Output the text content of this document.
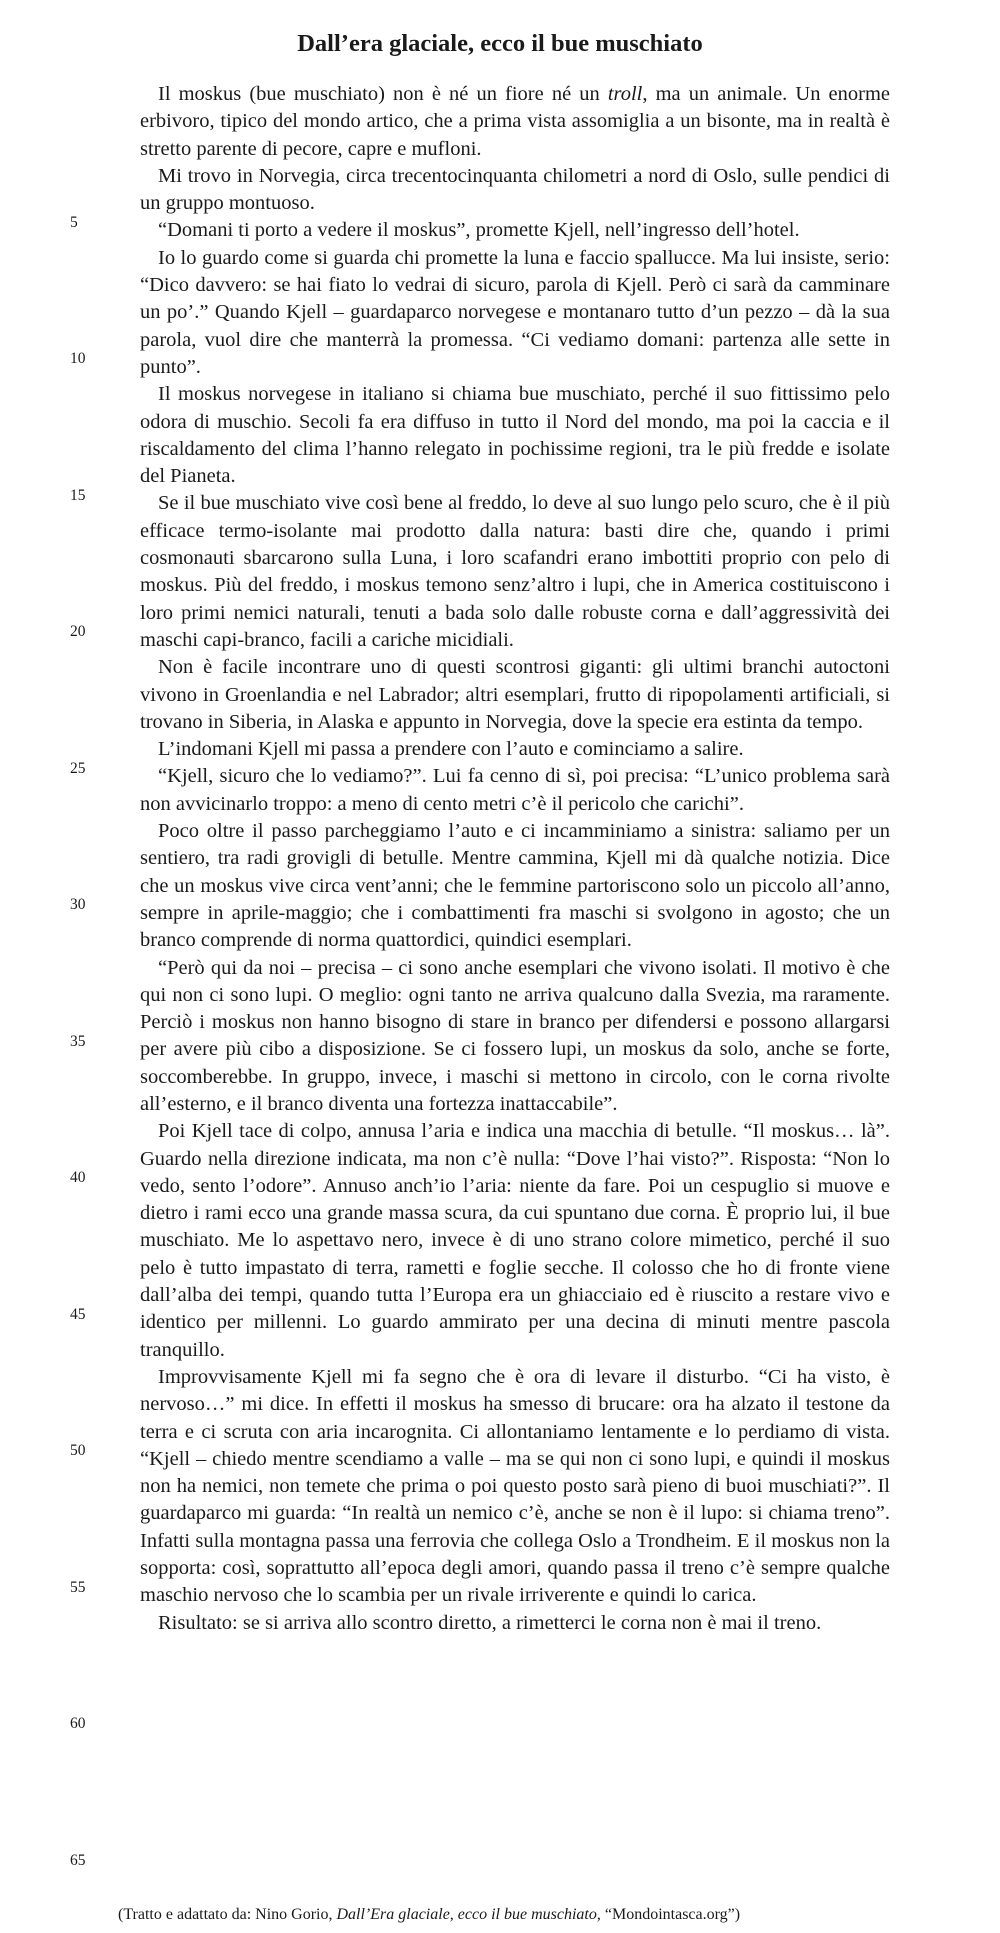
Dall’era glaciale, ecco il bue muschiato
5
10
15
20
25
30
35
40
45
50
55
60
65

Il moskus (bue muschiato) non è né un fiore né un troll, ma un animale. Un enorme erbivoro, tipico del mondo artico, che a prima vista assomiglia a un bisonte, ma in realtà è stretto parente di pecore, capre e mufloni.

Mi trovo in Norvegia, circa trecentocinquanta chilometri a nord di Oslo, sulle pendici di un gruppo montuoso.

“Domani ti porto a vedere il moskus”, promette Kjell, nell’ingresso dell’hotel.

Io lo guardo come si guarda chi promette la luna e faccio spallucce. Ma lui insiste, serio: “Dico davvero: se hai fiato lo vedrai di sicuro, parola di Kjell. Però ci sarà da camminare un po’.” Quando Kjell – guardaparco norvegese e montanaro tutto d’un pezzo – dà la sua parola, vuol dire che manterrà la promessa. “Ci vediamo domani: partenza alle sette in punto”.

Il moskus norvegese in italiano si chiama bue muschiato, perché il suo fittissimo pelo odora di muschio. Secoli fa era diffuso in tutto il Nord del mondo, ma poi la caccia e il riscaldamento del clima l’hanno relegato in pochissime regioni, tra le più fredde e isolate del Pianeta.

Se il bue muschiato vive così bene al freddo, lo deve al suo lungo pelo scuro, che è il più efficace termo-isolante mai prodotto dalla natura: basti dire che, quando i primi cosmonauti sbarcarono sulla Luna, i loro scafandri erano imbottiti proprio con pelo di moskus. Più del freddo, i moskus temono senz’altro i lupi, che in America costituiscono i loro primi nemici naturali, tenuti a bada solo dalle robuste corna e dall’aggressività dei maschi capi-branco, facili a cariche micidiali.

Non è facile incontrare uno di questi scontrosi giganti: gli ultimi branchi autoctoni vivono in Groenlandia e nel Labrador; altri esemplari, frutto di ripopolamenti artificiali, si trovano in Siberia, in Alaska e appunto in Norvegia, dove la specie era estinta da tempo.

L’indomani Kjell mi passa a prendere con l’auto e cominciamo a salire.

“Kjell, sicuro che lo vediamo?”. Lui fa cenno di sì, poi precisa: “L’unico problema sarà non avvicinarlo troppo: a meno di cento metri c’è il pericolo che carichi”.

Poco oltre il passo parcheggiamo l’auto e ci incamminiamo a sinistra: saliamo per un sentiero, tra radi grovigli di betulle. Mentre cammina, Kjell mi dà qualche notizia. Dice che un moskus vive circa vent’anni; che le femmine partoriscono solo un piccolo all’anno, sempre in aprile-maggio; che i combattimenti fra maschi si svolgono in agosto; che un branco comprende di norma quattordici, quindici esemplari.

“Però qui da noi – precisa – ci sono anche esemplari che vivono isolati. Il motivo è che qui non ci sono lupi. O meglio: ogni tanto ne arriva qualcuno dalla Svezia, ma raramente. Perciò i moskus non hanno bisogno di stare in branco per difendersi e possono allargarsi per avere più cibo a disposizione. Se ci fossero lupi, un moskus da solo, anche se forte, soccomberebbe. In gruppo, invece, i maschi si mettono in circolo, con le corna rivolte all’esterno, e il branco diventa una fortezza inattaccabile”.

Poi Kjell tace di colpo, annusa l’aria e indica una macchia di betulle. “Il moskus… là”. Guardo nella direzione indicata, ma non c’è nulla: “Dove l’hai visto?”. Risposta: “Non lo vedo, sento l’odore”. Annuso anch’io l’aria: niente da fare. Poi un cespuglio si muove e dietro i rami ecco una grande massa scura, da cui spuntano due corna. È proprio lui, il bue muschiato. Me lo aspettavo nero, invece è di uno strano colore mimetico, perché il suo pelo è tutto impastato di terra, rametti e foglie secche. Il colosso che ho di fronte viene dall’alba dei tempi, quando tutta l’Europa era un ghiacciaio ed è riuscito a restare vivo e identico per millenni. Lo guardo ammirato per una decina di minuti mentre pascola tranquillo.

Improvvisamente Kjell mi fa segno che è ora di levare il disturbo. “Ci ha visto, è nervoso…” mi dice. In effetti il moskus ha smesso di brucare: ora ha alzato il testone da terra e ci scruta con aria incarognita. Ci allontaniamo lentamente e lo perdiamo di vista. “Kjell – chiedo mentre scendiamo a valle – ma se qui non ci sono lupi, e quindi il moskus non ha nemici, non temete che prima o poi questo posto sarà pieno di buoi muschiati?”. Il guardaparco mi guarda: “In realtà un nemico c’è, anche se non è il lupo: si chiama treno”. Infatti sulla montagna passa una ferrovia che collega Oslo a Trondheim. E il moskus non la sopporta: così, soprattutto all’epoca degli amori, quando passa il treno c’è sempre qualche maschio nervoso che lo scambia per un rivale irriverente e quindi lo carica.

Risultato: se si arriva allo scontro diretto, a rimetterci le corna non è mai il treno.

(Tratto e adattato da: Nino Gorio, Dall’Era glaciale, ecco il bue muschiato, “Mondointasca.org”)
